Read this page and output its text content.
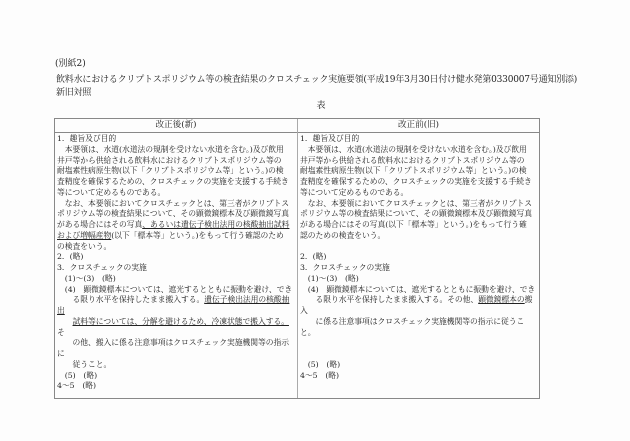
(別紙2)
飲料水におけるクリプトスポリジウム等の検査結果のクロスチェック実施要領(平成19年3月30日付け健水発第0330007号通知別添)　新旧対照
表
改正後(新)
1．趣旨及び目的
　本要領は、水道(水道法の規制を受けない水道を含む。)及び飲用
井戸等から供給される飲料水におけるクリプトスポリジウム等の
耐塩素性病原生物(以下「クリプトスポリジウム等」という。)の検
査精度を確保するための、クロスチェックの実施を支援する手続き
等について定めるものである。
　なお、本要領においてクロスチェックとは、第三者がクリプトス
ポリジウム等の検査結果について、その顕微鏡標本及び顕微鏡写真
がある場合にはその写真、あるいは遺伝子検出法用の核酸抽出試料
および増幅産物(以下「標本等」という。)をもって行う確認のため
の検査をいう。
2．(略)
3．クロスチェックの実施
　(1)～(3)　(略)
　(4)　顕微鏡標本については、遮光するとともに振動を避け、でき
　　る限り水平を保持したまま搬入する。遺伝子検出法用の核酸抽出
　　試料等については、分解を避けるため、冷凍状態で搬入する。そ
　　の他、搬入に係る注意事項はクロスチェック実施機関等の指示に
　　従うこと。
　(5)　(略)
4～5　(略)
改正前(旧)
1．趣旨及び目的
　本要領は、水道(水道法の規制を受けない水道を含む。)及び飲用
井戸等から供給される飲料水におけるクリプトスポリジウム等の
耐塩素性病原生物(以下「クリプトスポリジウム等」という。)の検
査精度を確保するための、クロスチェックの実施を支援する手続き
等について定めるものである。
　なお、本要領においてクロスチェックとは、第三者がクリプトス
ポリジウム等の検査結果について、その顕微鏡標本及び顕微鏡写真
がある場合にはその写真(以下「標本等」という。)をもって行う確
認のための検査をいう。
2．(略)
3．クロスチェックの実施
　(1)～(3)　(略)
　(4)　顕微鏡標本については、遮光するとともに振動を避け、でき
　　る限り水平を保持したまま搬入する。その他、顕微鏡標本の搬入
　　に係る注意事項はクロスチェック実施機関等の指示に従うこと。
　(5)　(略)
4～5　(略)
